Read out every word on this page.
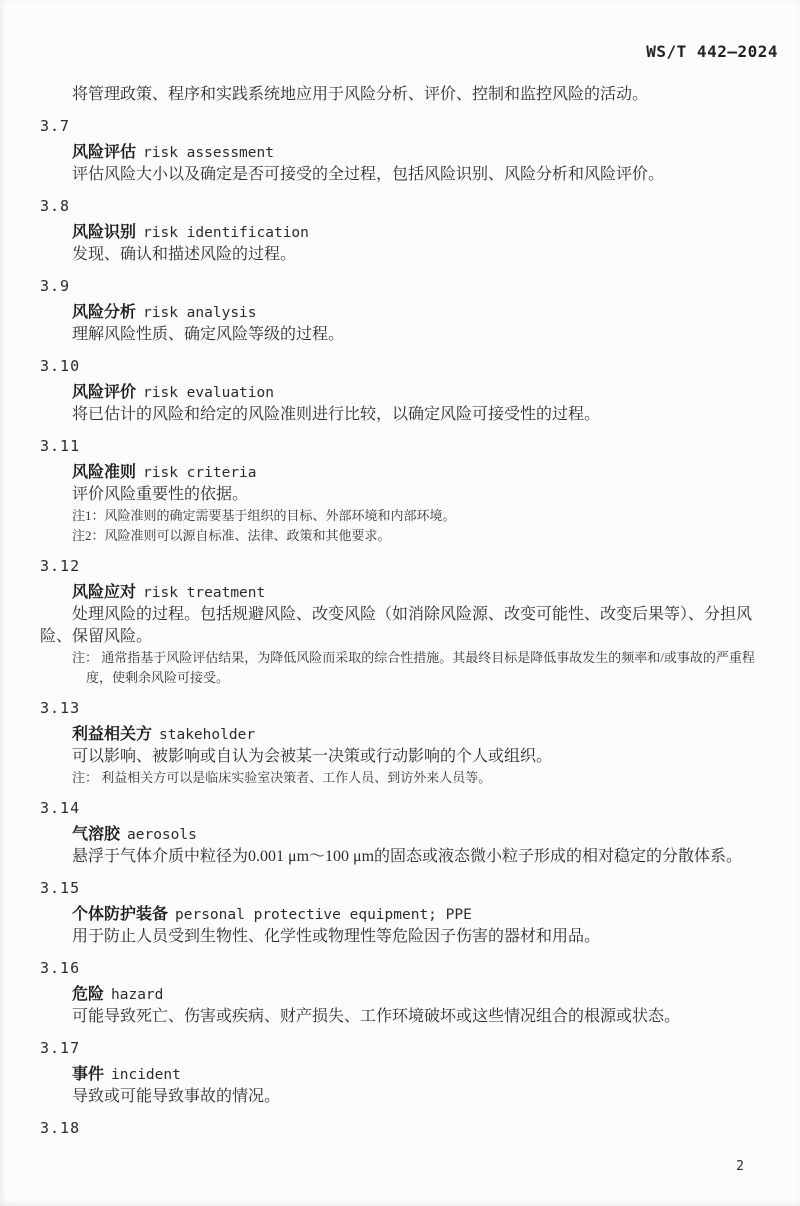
WS/T 442—2024

将管理政策、程序和实践系统地应用于风险分析、评价、控制和监控风险的活动。

3.7
风险评估 risk assessment

评估风险大小以及确定是否可接受的全过程，包括风险识别、风险分析和风险评价。

3.8
风险识别 risk identification

发现、确认和描述风险的过程。

3.9
风险分析 risk analysis

理解风险性质、确定风险等级的过程。

3.10
风险评价 risk evaluation

将已估计的风险和给定的风险准则进行比较，以确定风险可接受性的过程。

3.11
风险准则 risk criteria

评价风险重要性的依据。

注1：风险准则的确定需要基于组织的目标、外部环境和内部环境。

注2：风险准则可以源自标准、法律、政策和其他要求。

3.12
风险应对 risk treatment

处理风险的过程。包括规避风险、改变风险（如消除风险源、改变可能性、改变后果等）、分担风险、保留风险。

注： 通常指基于风险评估结果，为降低风险而采取的综合性措施。其最终目标是降低事故发生的频率和/或事故的严重程度，使剩余风险可接受。

3.13
利益相关方 stakeholder

可以影响、被影响或自认为会被某一决策或行动影响的个人或组织。

注： 利益相关方可以是临床实验室决策者、工作人员、到访外来人员等。

3.14
气溶胶 aerosols

悬浮于气体介质中粒径为0.001 μm～100 μm的固态或液态微小粒子形成的相对稳定的分散体系。

3.15
个体防护装备 personal protective equipment; PPE

用于防止人员受到生物性、化学性或物理性等危险因子伤害的器材和用品。

3.16
危险 hazard

可能导致死亡、伤害或疾病、财产损失、工作环境破坏或这些情况组合的根源或状态。

3.17
事件 incident

导致或可能导致事故的情况。

3.18
2
